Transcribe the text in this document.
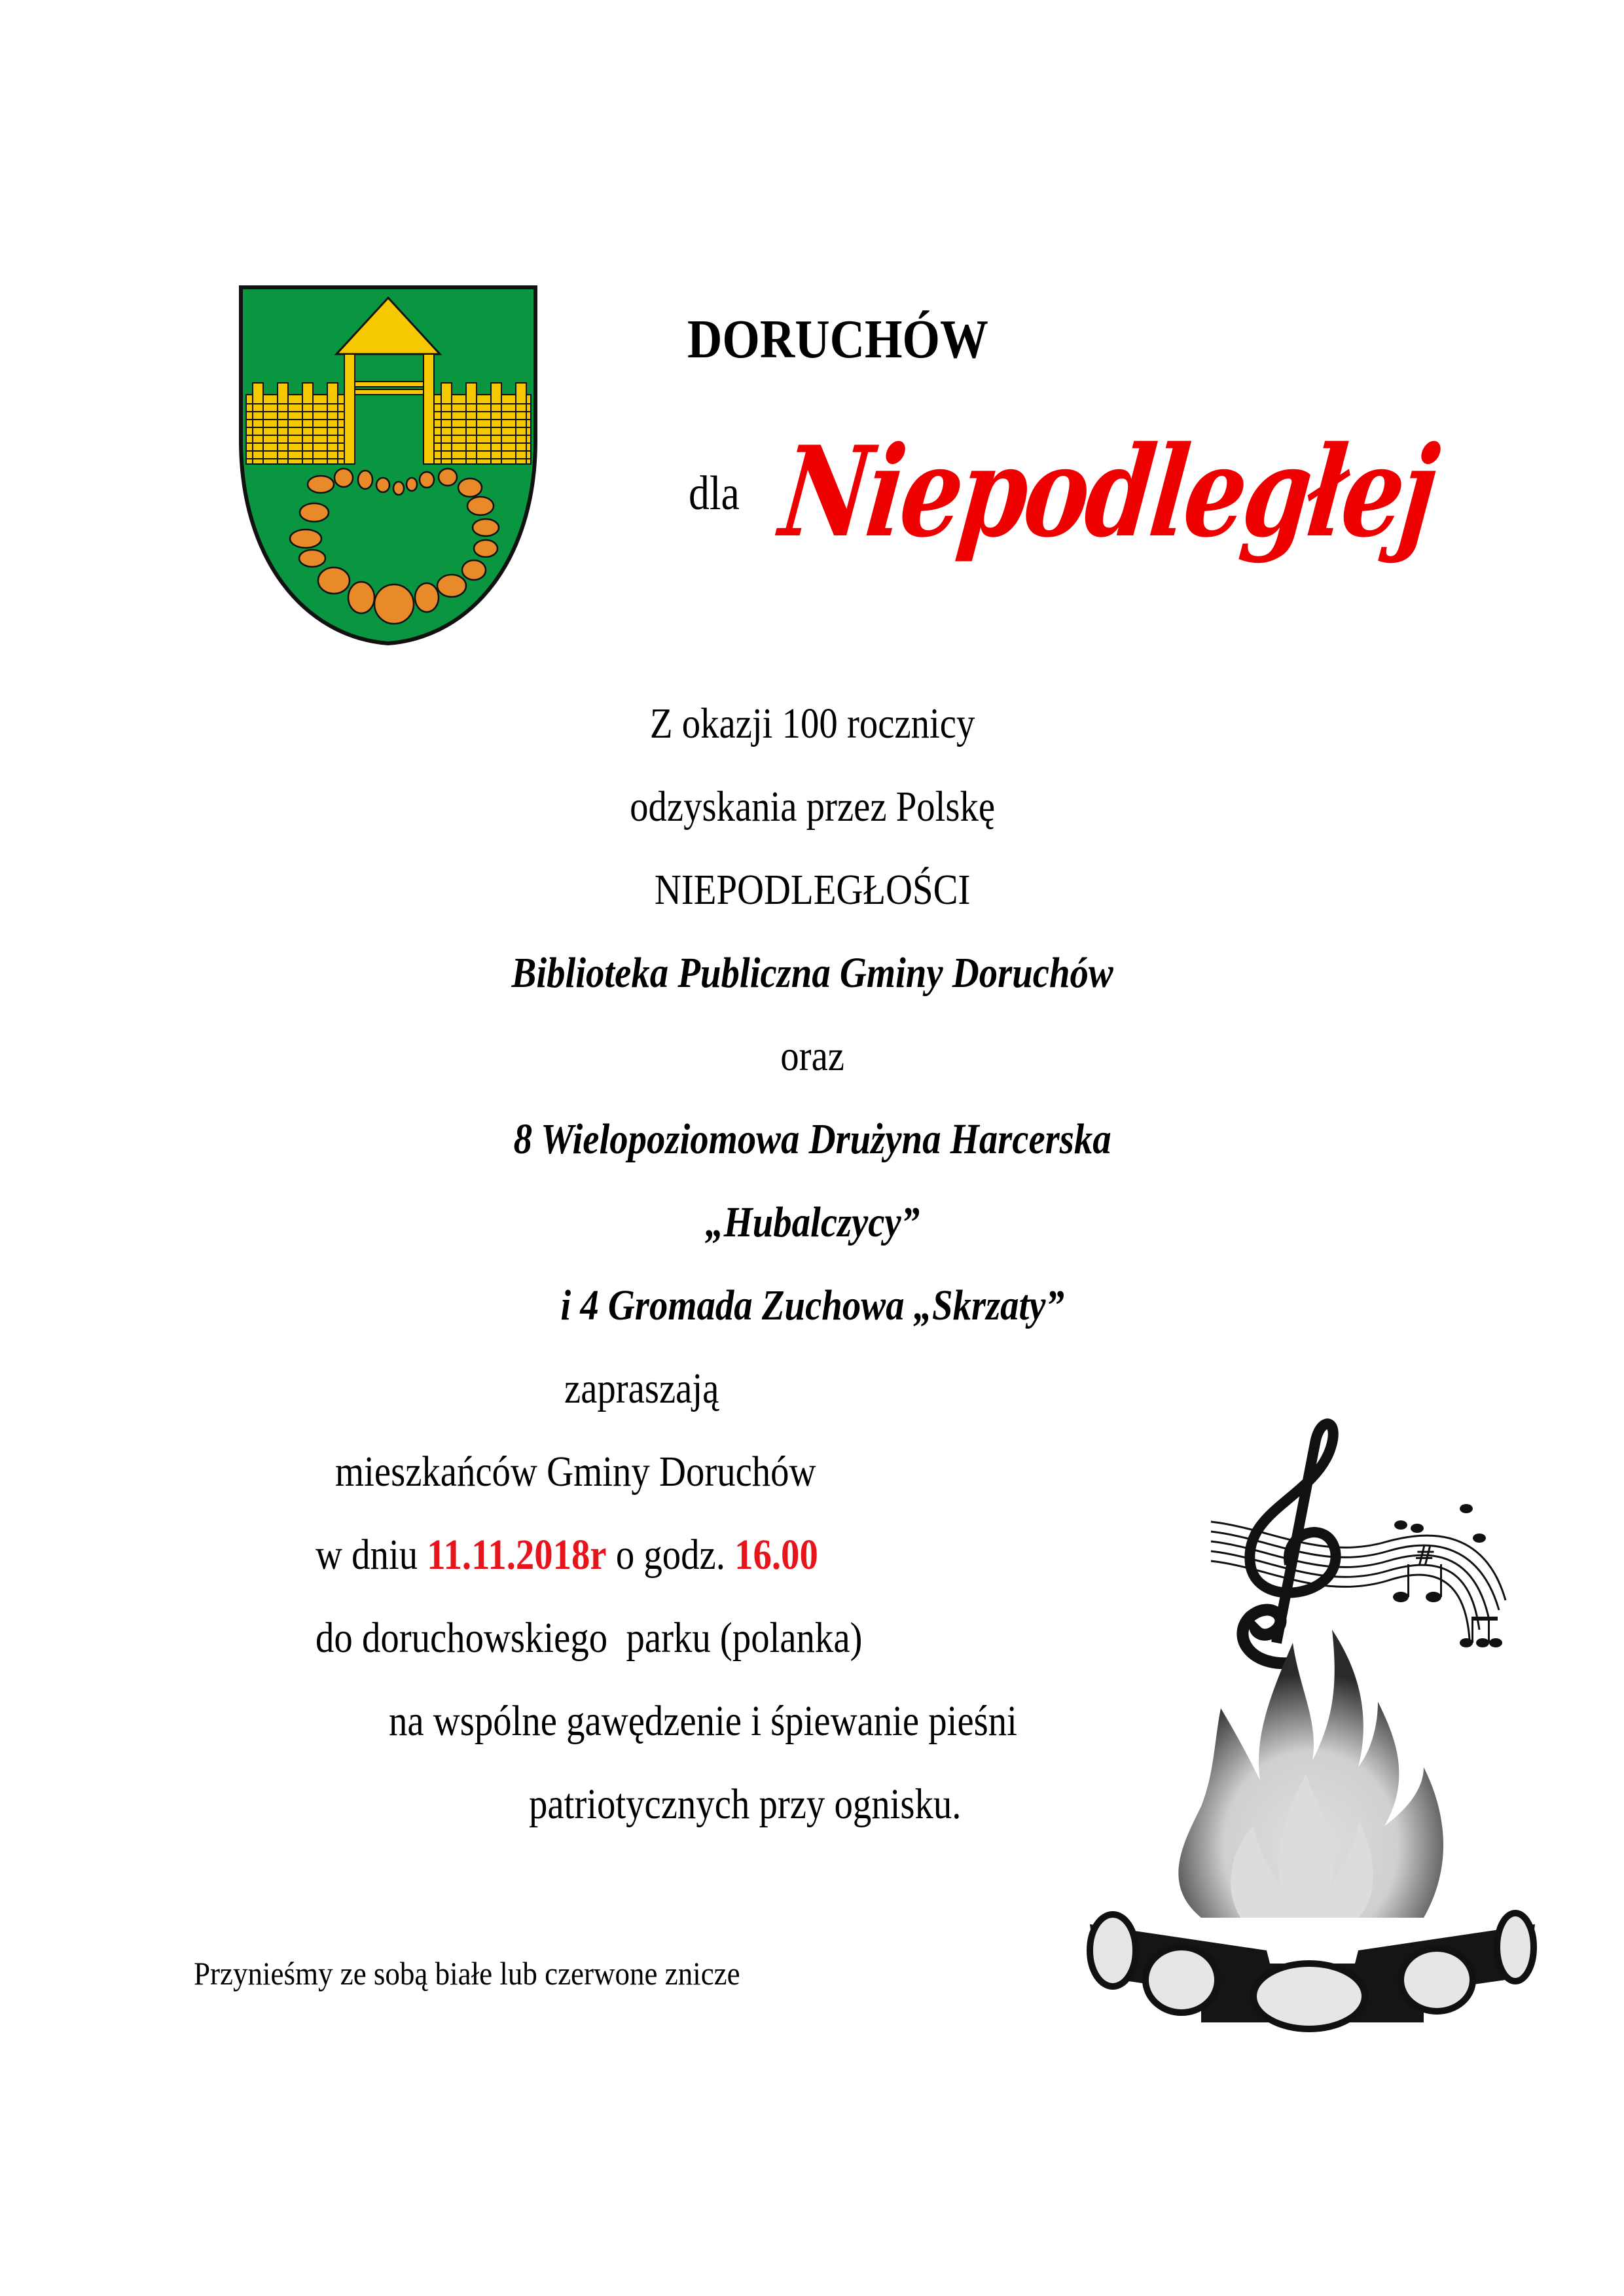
DORUCHÓW
dla Niepodległej
Z okazji 100 rocznicy
odzyskania przez Polskę
NIEPODLEGŁOŚCI
Biblioteka Publiczna Gminy Doruchów
oraz
8 Wielopoziomowa Drużyna Harcerska
„Hubalczycy”
i 4 Gromada Zuchowa „Skrzaty”
zapraszają
mieszkańców Gminy Doruchów
w dniu 11.11.2018r o godz. 16.00
do doruchowskiego  parku (polanka)
na wspólne gawędzenie i śpiewanie pieśni
patriotycznych przy ognisku.
Przynieśmy ze sobą białe lub czerwone znicze
#
